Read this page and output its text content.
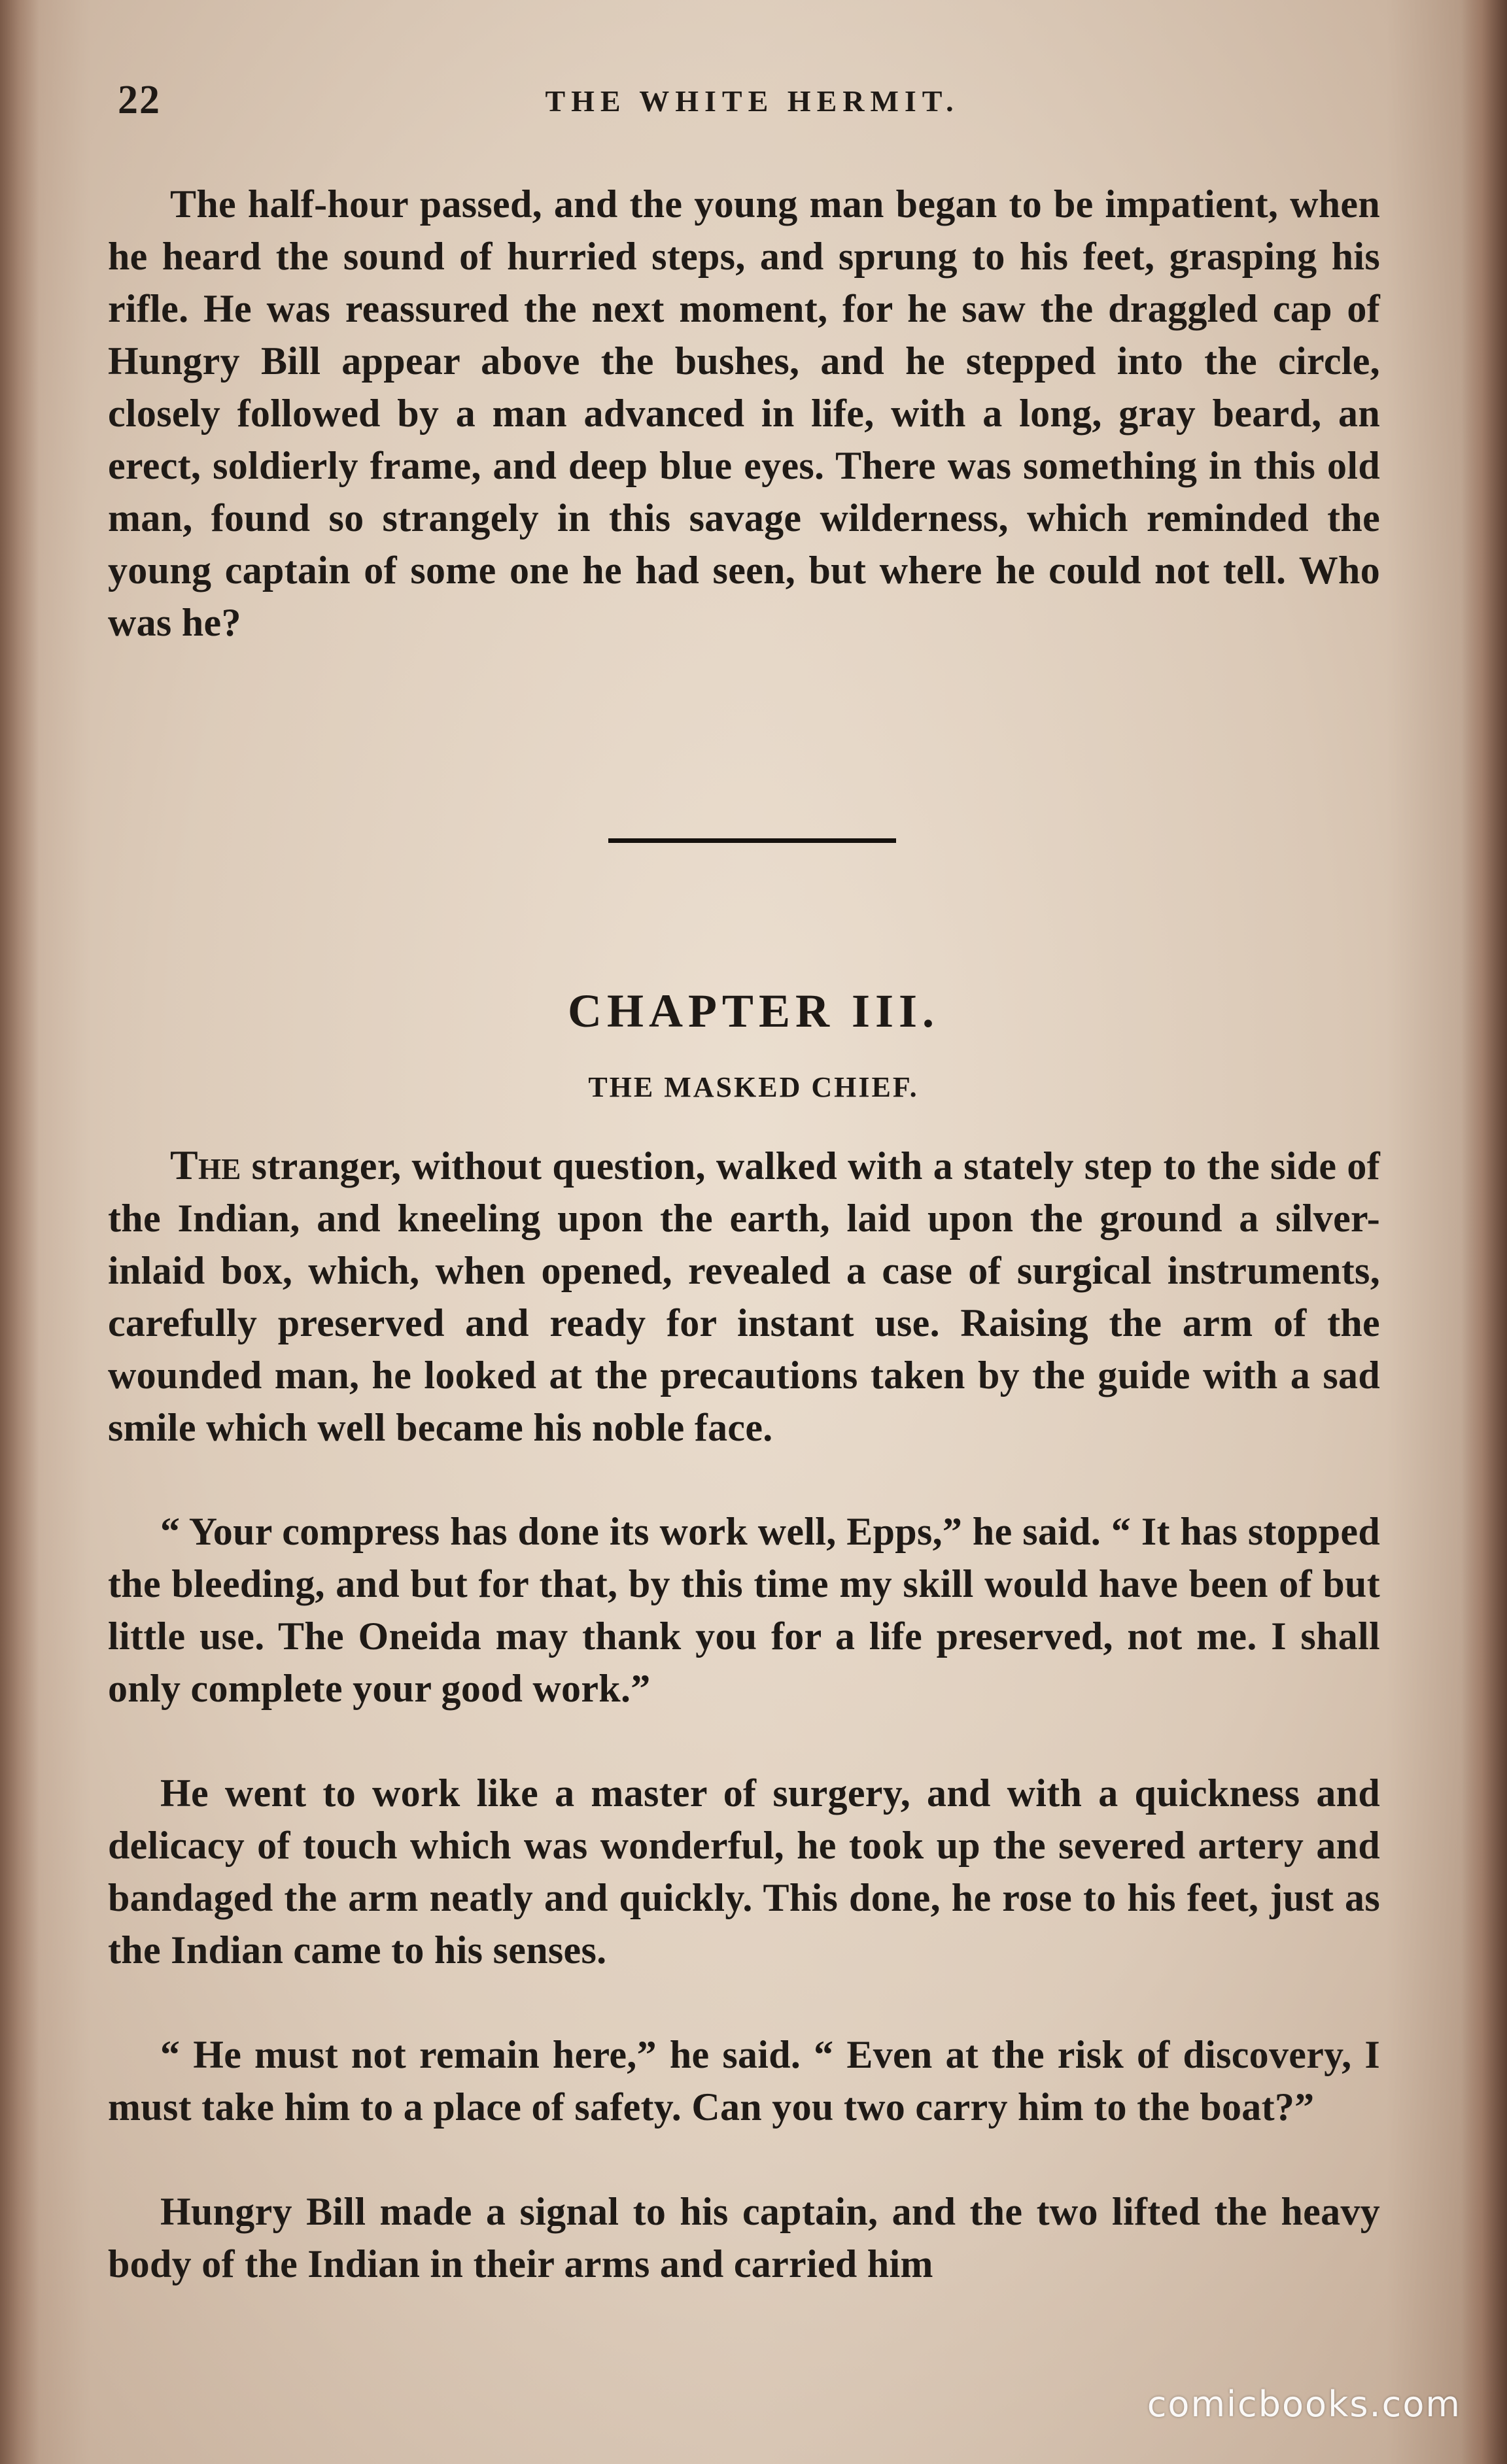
22	THE WHITE HERMIT.

The half-hour passed, and the young man began to be impatient, when he heard the sound of hurried steps, and sprung to his feet, grasping his rifle. He was reassured the next moment, for he saw the draggled cap of Hungry Bill appear above the bushes, and he stepped into the circle, closely followed by a man advanced in life, with a long, gray beard, an erect, soldierly frame, and deep blue eyes. There was something in this old man, found so strangely in this savage wilderness, which reminded the young captain of some one he had seen, but where he could not tell. Who was he?

CHAPTER III.
THE MASKED CHIEF.

The stranger, without question, walked with a stately step to the side of the Indian, and kneeling upon the earth, laid upon the ground a silver-inlaid box, which, when opened, revealed a case of surgical instruments, carefully preserved and ready for instant use. Raising the arm of the wounded man, he looked at the precautions taken by the guide with a sad smile which well became his noble face.

“ Your compress has done its work well, Epps,” he said. “ It has stopped the bleeding, and but for that, by this time my skill would have been of but little use. The Oneida may thank you for a life preserved, not me. I shall only complete your good work.”

He went to work like a master of surgery, and with a quickness and delicacy of touch which was wonderful, he took up the severed artery and bandaged the arm neatly and quickly. This done, he rose to his feet, just as the Indian came to his senses.

“ He must not remain here,” he said. “ Even at the risk of discovery, I must take him to a place of safety. Can you two carry him to the boat?”

Hungry Bill made a signal to his captain, and the two lifted the heavy body of the Indian in their arms and carried him

comicbooks.com
